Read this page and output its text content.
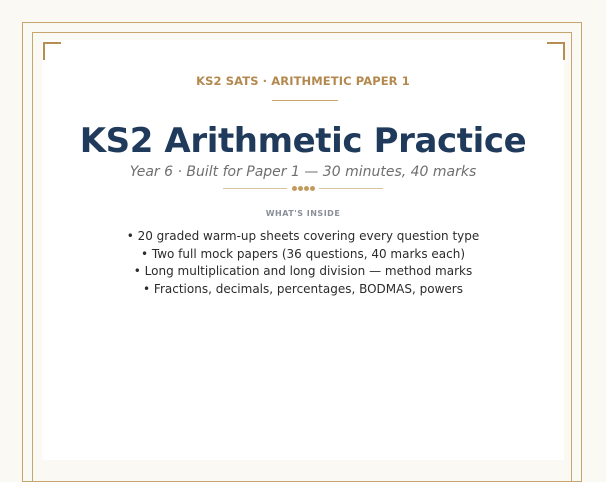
KS2 SATS · ARITHMETIC PAPER 1
KS2 Arithmetic Practice
Year 6 · Built for Paper 1 — 30 minutes, 40 marks
WHAT'S INSIDE
• 20 graded warm-up sheets covering every question type
• Two full mock papers (36 questions, 40 marks each)
• Long multiplication and long division — method marks
• Fractions, decimals, percentages, BODMAS, powers
